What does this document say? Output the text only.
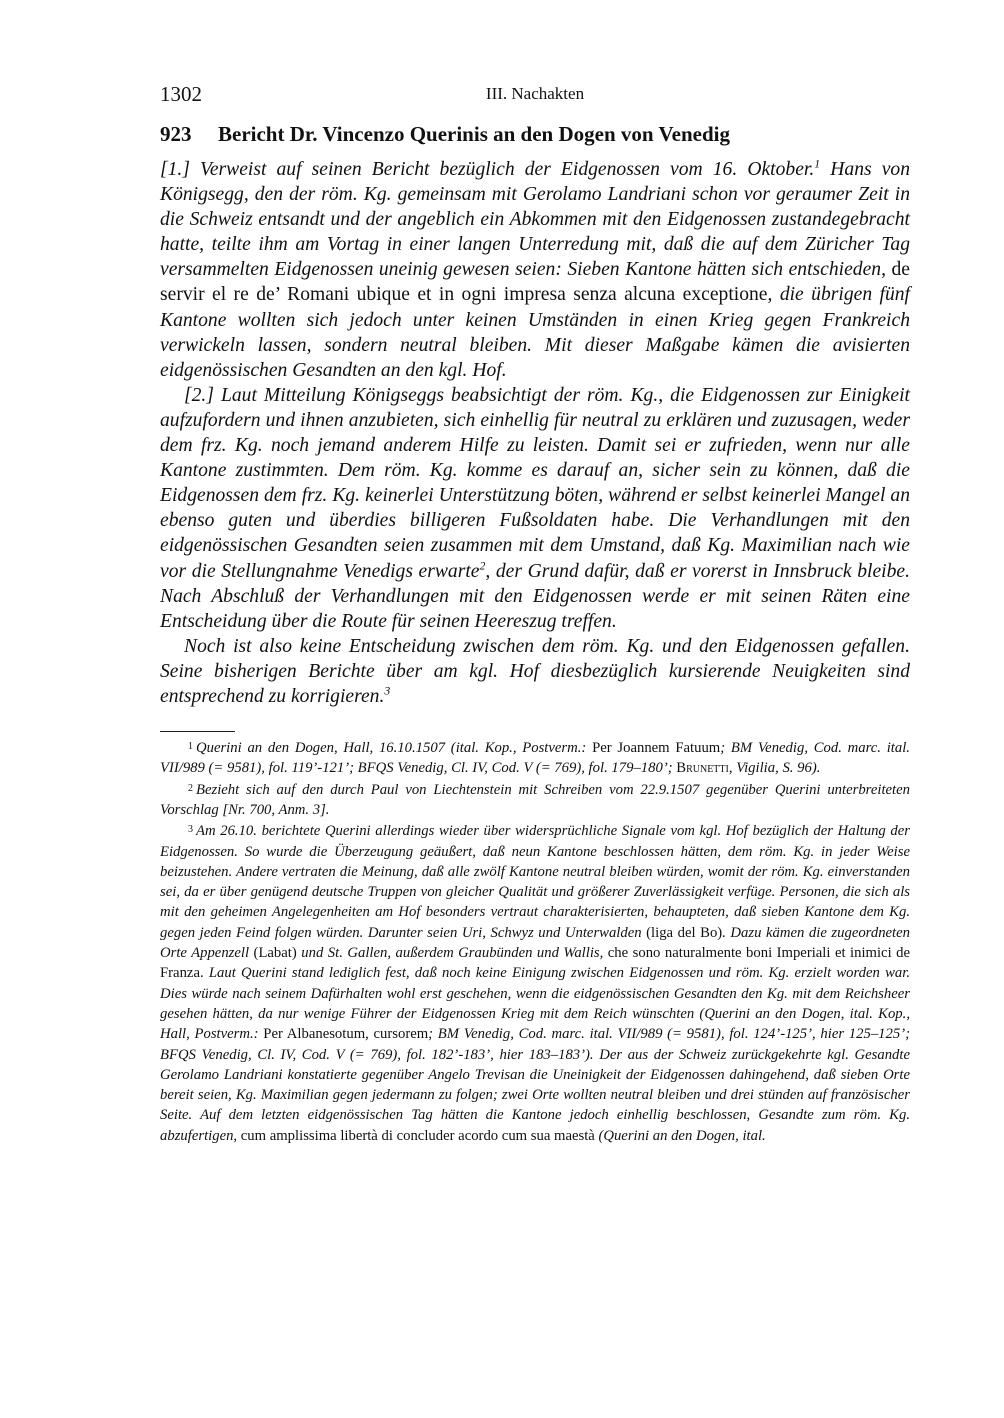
1302	III. Nachakten
923 Bericht Dr. Vincenzo Querinis an den Dogen von Venedig

[1.] Verweist auf seinen Bericht bezüglich der Eidgenossen vom 16. Oktober.$^1$ Hans von Königsegg, den der röm. Kg. gemeinsam mit Gerolamo Landriani schon vor geraumer Zeit in die Schweiz entsandt und der angeblich ein Abkommen mit den Eidgenossen zustandegebracht hatte, teilte ihm am Vortag in einer langen Unterredung mit, daß die auf dem Züricher Tag versammelten Eidgenossen uneinig gewesen seien: Sieben Kantone hätten sich entschieden, de servir el re de’ Romani ubique et in ogni impresa senza alcuna exceptione, die übrigen fünf Kantone wollten sich jedoch unter keinen Umständen in einen Krieg gegen Frankreich verwickeln lassen, sondern neutral bleiben. Mit dieser Maßgabe kämen die avisierten eidgenössischen Gesandten an den kgl. Hof.

[2.] Laut Mitteilung Königseggs beabsichtigt der röm. Kg., die Eidgenossen zur Einigkeit aufzufordern und ihnen anzubieten, sich einhellig für neutral zu erklären und zuzusagen, weder dem frz. Kg. noch jemand anderem Hilfe zu leisten. Damit sei er zufrieden, wenn nur alle Kantone zustimmten. Dem röm. Kg. komme es darauf an, sicher sein zu können, daß die Eidgenossen dem frz. Kg. keinerlei Unterstützung böten, während er selbst keinerlei Mangel an ebenso guten und überdies billigeren Fußsoldaten habe. Die Verhandlungen mit den eidgenössischen Gesandten seien zusammen mit dem Umstand, daß Kg. Maximilian nach wie vor die Stellungnahme Venedigs erwarte$^2$, der Grund dafür, daß er vorerst in Innsbruck bleibe. Nach Abschluß der Verhandlungen mit den Eidgenossen werde er mit seinen Räten eine Entscheidung über die Route für seinen Heereszug treffen.

Noch ist also keine Entscheidung zwischen dem röm. Kg. und den Eidgenossen gefallen. Seine bisherigen Berichte über am kgl. Hof diesbezüglich kursierende Neuigkeiten sind entsprechend zu korrigieren.$^3$

$^1$ Querini an den Dogen, Hall, 16.10.1507 (ital. Kop., Postverm.: Per Joannem Fatuum; BM Venedig, Cod. marc. ital. VII/989 (= 9581), fol. 119’-121’; BFQS Venedig, Cl. IV, Cod. V (= 769), fol. 179–180’; Brunetti, Vigilia, S. 96).

$^2$ Bezieht sich auf den durch Paul von Liechtenstein mit Schreiben vom 22.9.1507 gegenüber Querini unterbreiteten Vorschlag [Nr. 700, Anm. 3].

$^3$ Am 26.10. berichtete Querini allerdings wieder über widersprüchliche Signale vom kgl. Hof bezüglich der Haltung der Eidgenossen. So wurde die Überzeugung geäußert, daß neun Kantone beschlossen hätten, dem röm. Kg. in jeder Weise beizustehen. Andere vertraten die Meinung, daß alle zwölf Kantone neutral bleiben würden, womit der röm. Kg. einverstanden sei, da er über genügend deutsche Truppen von gleicher Qualität und größerer Zuverlässigkeit verfüge. Personen, die sich als mit den geheimen Angelegenheiten am Hof besonders vertraut charakterisierten, behaupteten, daß sieben Kantone dem Kg. gegen jeden Feind folgen würden. Darunter seien Uri, Schwyz und Unterwalden (liga del Bo). Dazu kämen die zugeordneten Orte Appenzell (Labat) und St. Gallen, außerdem Graubünden und Wallis, che sono naturalmente boni Imperiali et inimici de Franza. Laut Querini stand lediglich fest, daß noch keine Einigung zwischen Eidgenossen und röm. Kg. erzielt worden war. Dies würde nach seinem Dafürhalten wohl erst geschehen, wenn die eidgenössischen Gesandten den Kg. mit dem Reichsheer gesehen hätten, da nur wenige Führer der Eidgenossen Krieg mit dem Reich wünschten (Querini an den Dogen, ital. Kop., Hall, Postverm.: Per Albanesotum, cursorem; BM Venedig, Cod. marc. ital. VII/989 (= 9581), fol. 124’-125’, hier 125–125’; BFQS Venedig, Cl. IV, Cod. V (= 769), fol. 182’-183’, hier 183–183’). Der aus der Schweiz zurückgekehrte kgl. Gesandte Gerolamo Landriani konstatierte gegenüber Angelo Trevisan die Uneinigkeit der Eidgenossen dahingehend, daß sieben Orte bereit seien, Kg. Maximilian gegen jedermann zu folgen; zwei Orte wollten neutral bleiben und drei stünden auf französischer Seite. Auf dem letzten eidgenössischen Tag hätten die Kantone jedoch einhellig beschlossen, Gesandte zum röm. Kg. abzufertigen, cum amplissima libertà di concluder acordo cum sua maestà (Querini an den Dogen, ital.
